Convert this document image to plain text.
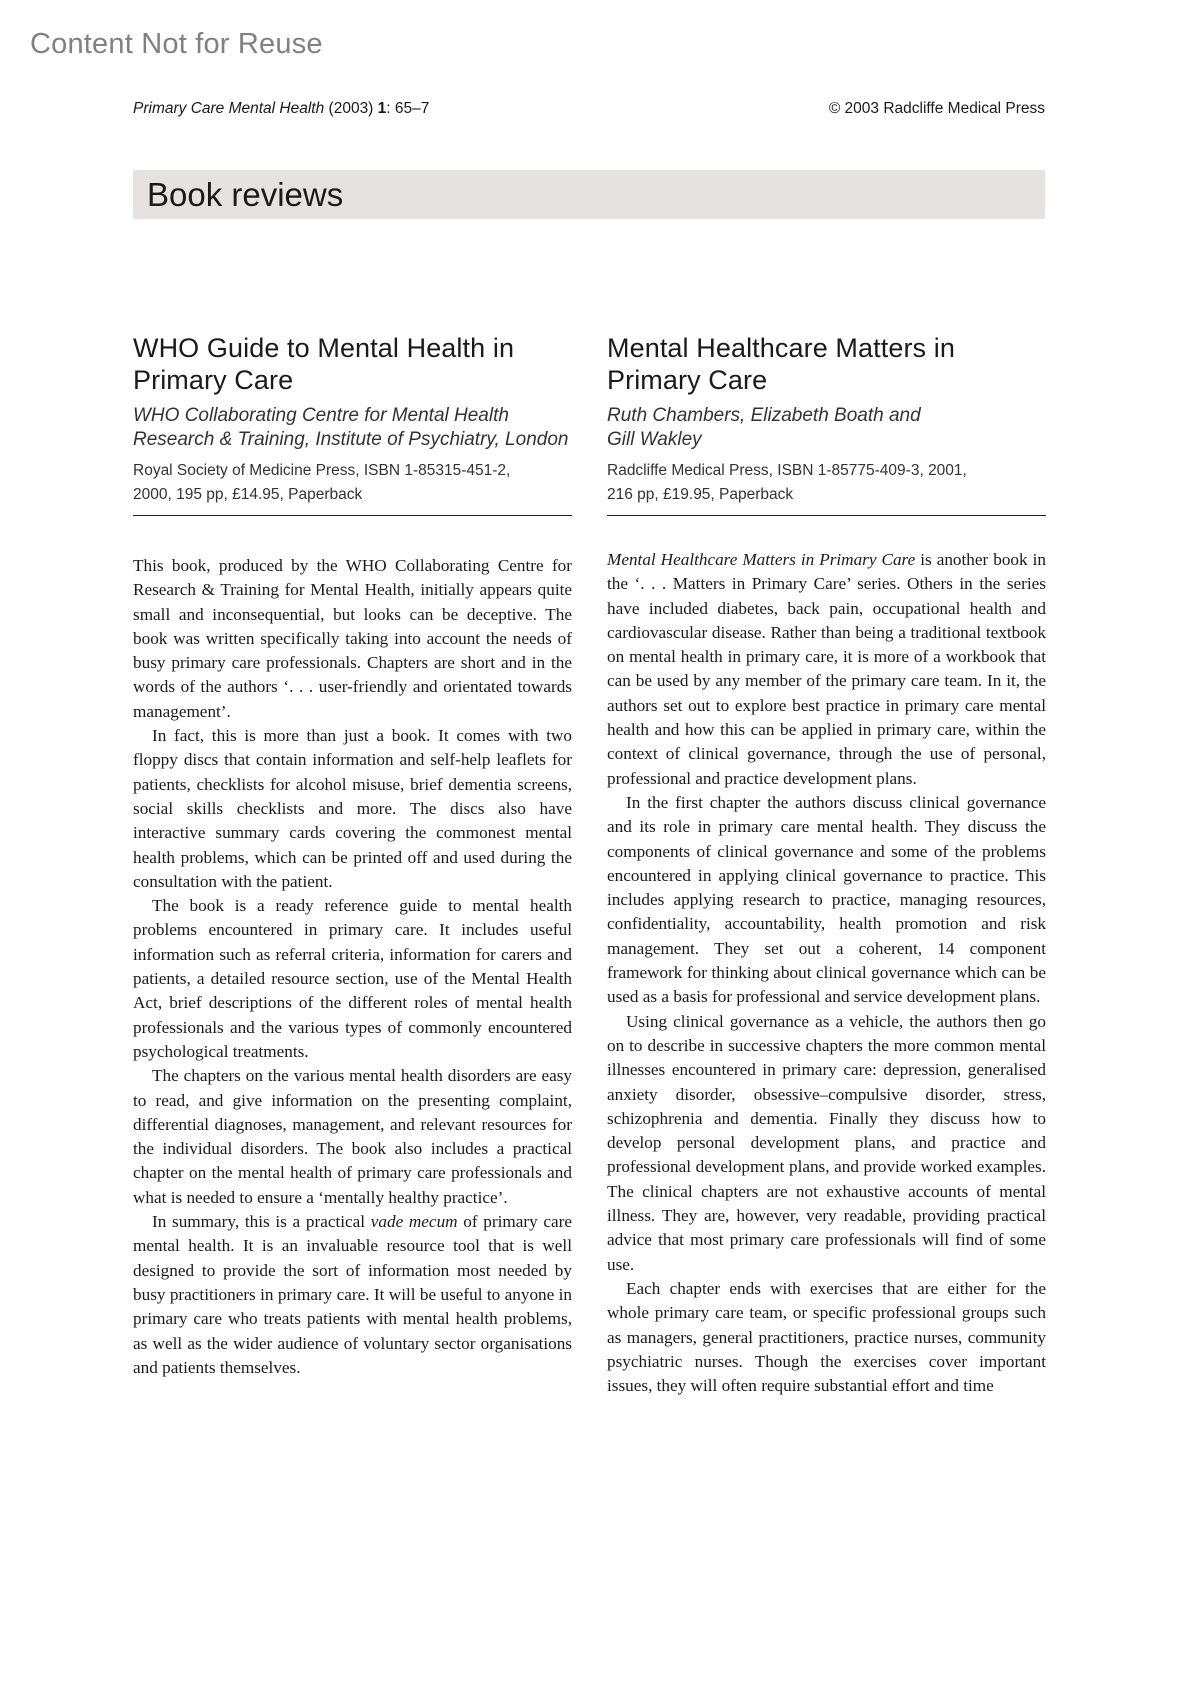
Content Not for Reuse
Primary Care Mental Health (2003) 1: 65–7	© 2003 Radcliffe Medical Press
Book reviews
WHO Guide to Mental Health in Primary Care
WHO Collaborating Centre for Mental Health Research & Training, Institute of Psychiatry, London
Royal Society of Medicine Press, ISBN 1-85315-451-2,
2000, 195 pp, £14.95, Paperback

This book, produced by the WHO Collaborating Centre for Research & Training for Mental Health, initially appears quite small and inconsequential, but looks can be deceptive. The book was written specifically taking into account the needs of busy primary care professionals. Chapters are short and in the words of the authors ‘. . . user-friendly and orientated towards management’.

In fact, this is more than just a book. It comes with two floppy discs that contain information and self-help leaflets for patients, checklists for alcohol misuse, brief dementia screens, social skills checklists and more. The discs also have interactive summary cards covering the commonest mental health problems, which can be printed off and used during the consultation with the patient.

The book is a ready reference guide to mental health problems encountered in primary care. It includes useful information such as referral criteria, information for carers and patients, a detailed resource section, use of the Mental Health Act, brief descriptions of the different roles of mental health professionals and the various types of commonly encountered psychological treatments.

The chapters on the various mental health disorders are easy to read, and give information on the presenting complaint, differential diagnoses, management, and relevant resources for the individual disorders. The book also includes a practical chapter on the mental health of primary care professionals and what is needed to ensure a ‘mentally healthy practice’.

In summary, this is a practical vade mecum of primary care mental health. It is an invaluable resource tool that is well designed to provide the sort of information most needed by busy practitioners in primary care. It will be useful to anyone in primary care who treats patients with mental health problems, as well as the wider audience of voluntary sector organisations and patients themselves.

Mental Healthcare Matters in Primary Care
Ruth Chambers, Elizabeth Boath and
Gill Wakley
Radcliffe Medical Press, ISBN 1-85775-409-3, 2001,
216 pp, £19.95, Paperback

Mental Healthcare Matters in Primary Care is another book in the ‘. . . Matters in Primary Care’ series. Others in the series have included diabetes, back pain, occupational health and cardiovascular disease. Rather than being a traditional textbook on mental health in primary care, it is more of a workbook that can be used by any member of the primary care team. In it, the authors set out to explore best practice in primary care mental health and how this can be applied in primary care, within the context of clinical governance, through the use of personal, professional and practice development plans.

In the first chapter the authors discuss clinical governance and its role in primary care mental health. They discuss the components of clinical governance and some of the problems encountered in applying clinical governance to practice. This includes applying research to practice, managing resources, confidentiality, accountability, health promotion and risk management. They set out a coherent, 14 component framework for thinking about clinical governance which can be used as a basis for professional and service development plans.

Using clinical governance as a vehicle, the authors then go on to describe in successive chapters the more common mental illnesses encountered in primary care: depression, generalised anxiety disorder, obsessive–compulsive disorder, stress, schizophrenia and dementia. Finally they discuss how to develop personal development plans, and practice and professional development plans, and provide worked examples. The clinical chapters are not exhaustive accounts of mental illness. They are, however, very readable, providing practical advice that most primary care professionals will find of some use.

Each chapter ends with exercises that are either for the whole primary care team, or specific professional groups such as managers, general practitioners, practice nurses, community psychiatric nurses. Though the exercises cover important issues, they will often require substantial effort and time
